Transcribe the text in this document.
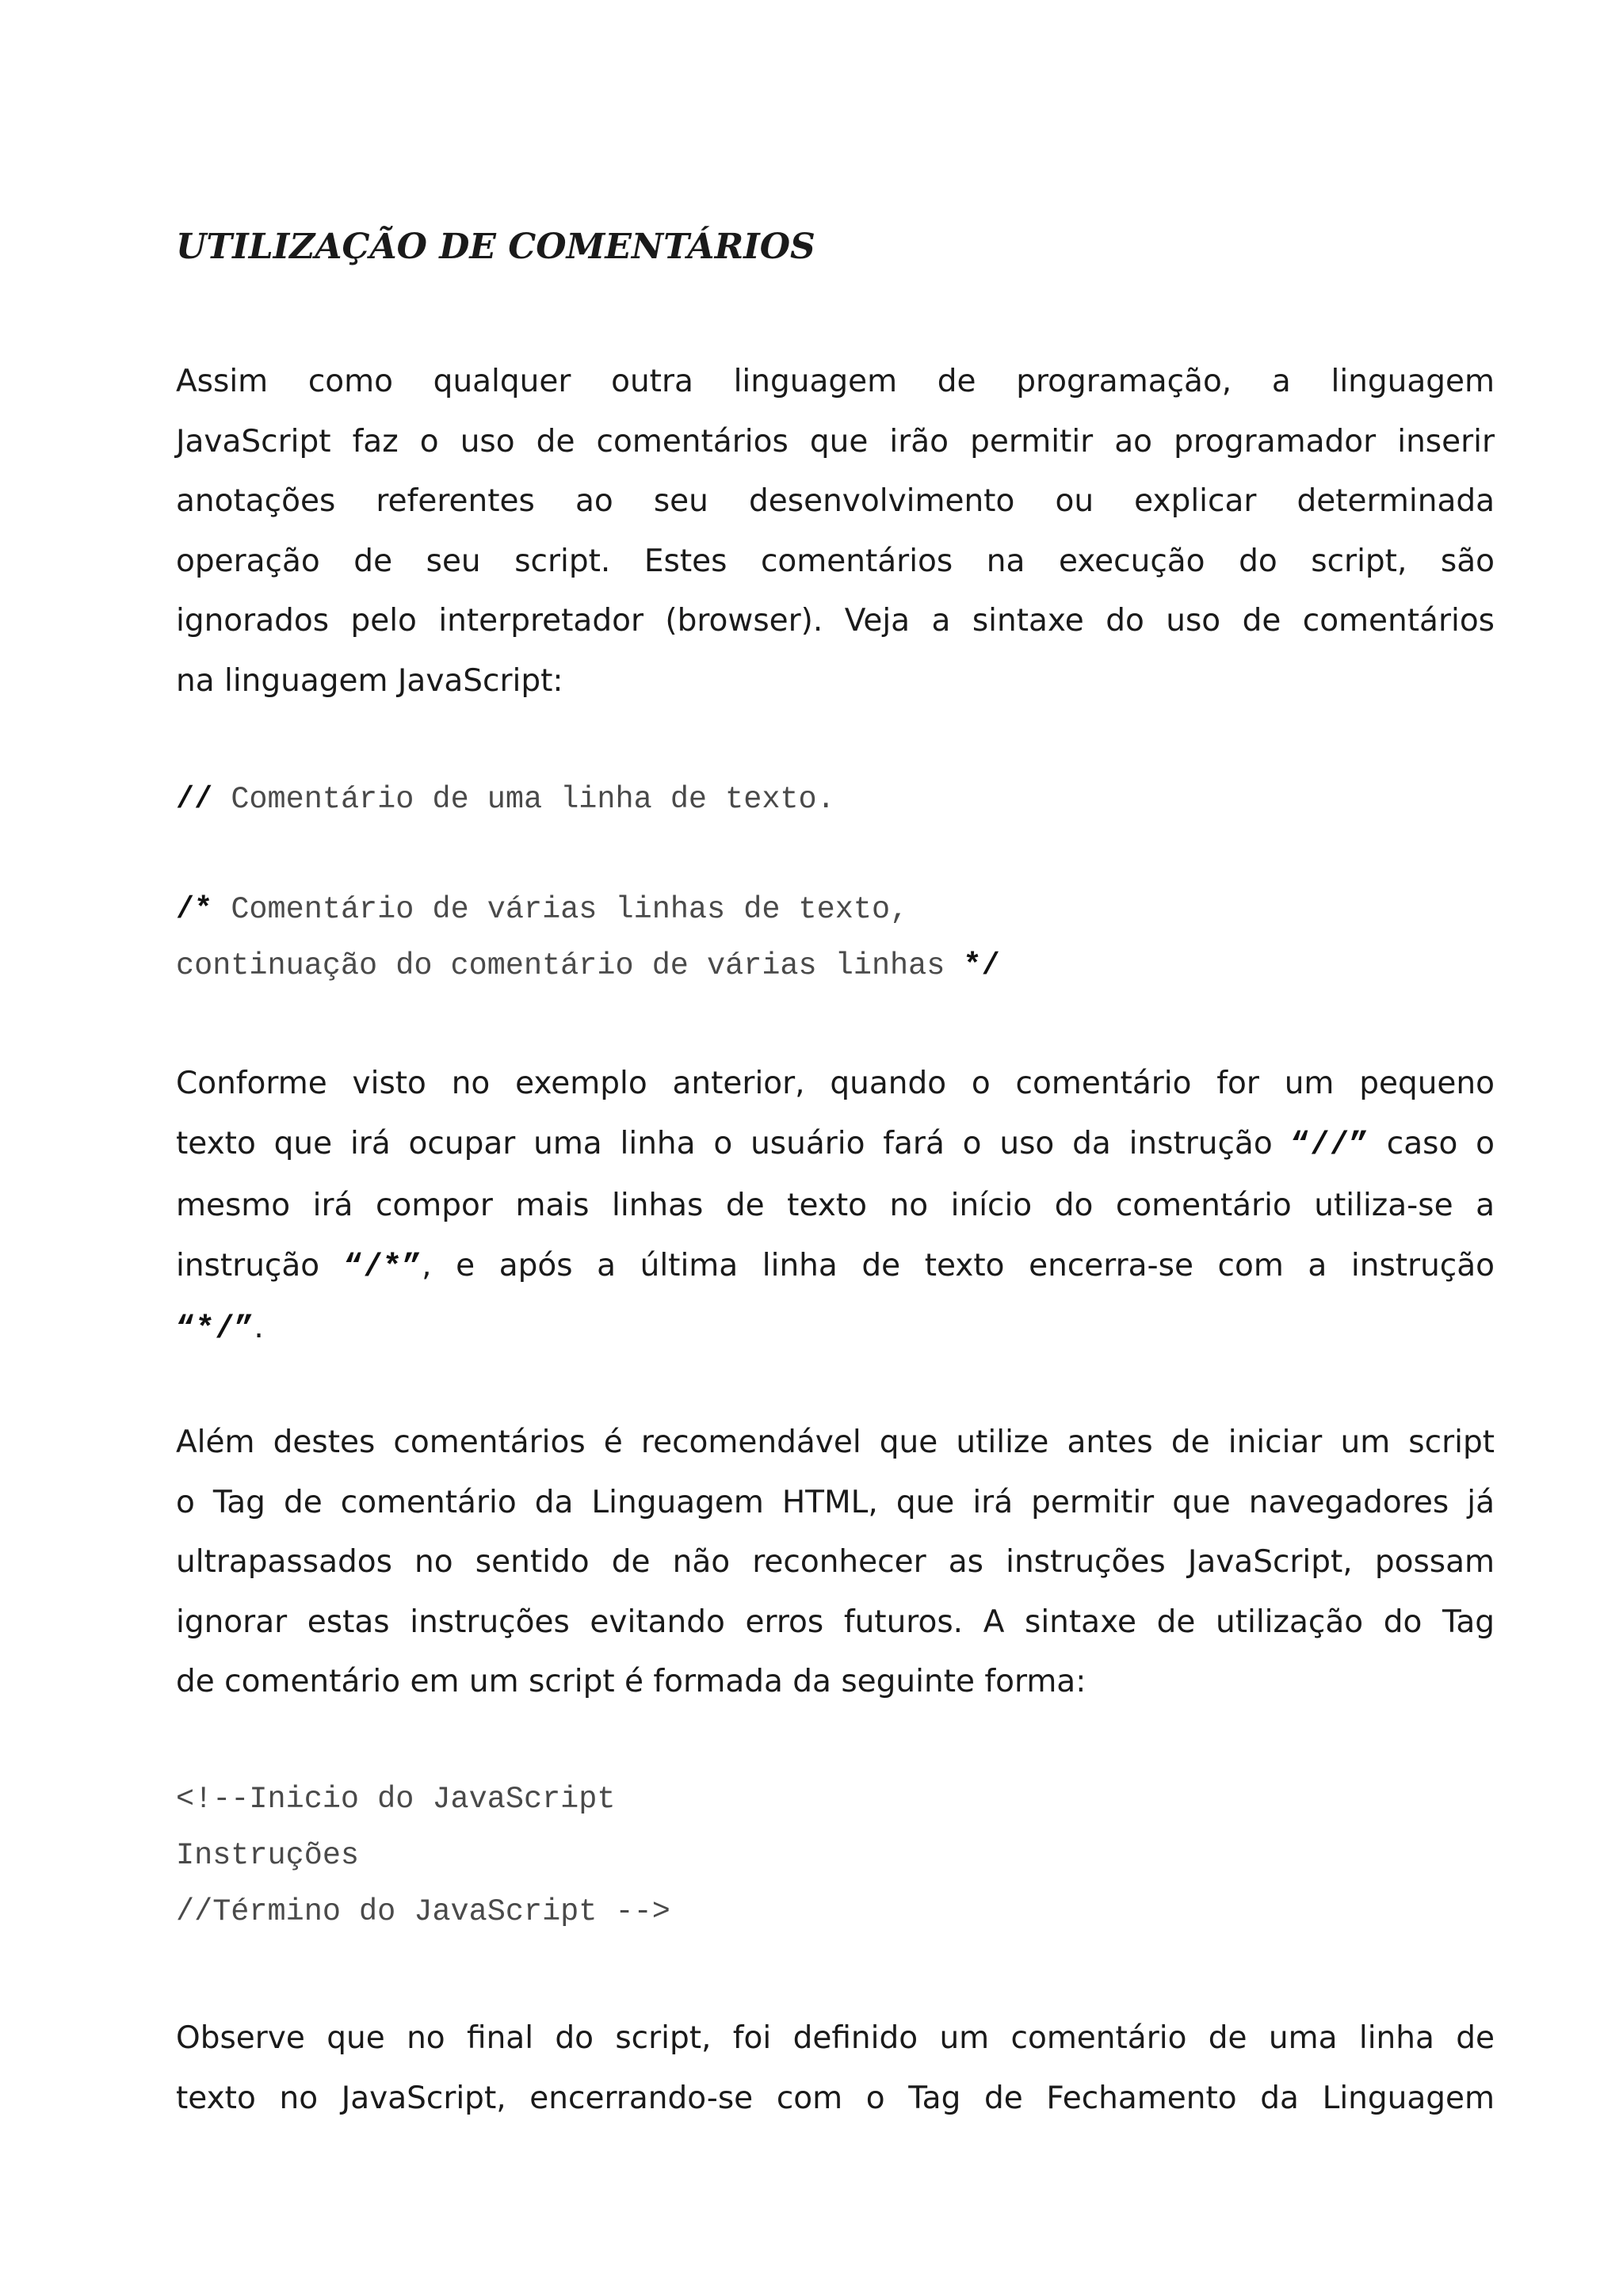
UTILIZAÇÃO DE COMENTÁRIOS

Assim como qualquer outra linguagem de programação, a linguagem
JavaScript faz o uso de comentários que irão permitir ao programador inserir
anotações referentes ao seu desenvolvimento ou explicar determinada
operação de seu script. Estes comentários na execução do script, são
ignorados pelo interpretador (browser). Veja a sintaxe do uso de comentários
na linguagem JavaScript:

// Comentário de uma linha de texto.
/* Comentário de várias linhas de texto,
continuação do comentário de várias linhas */

Conforme visto no exemplo anterior, quando o comentário for um pequeno
texto que irá ocupar uma linha o usuário fará o uso da instrução “//” caso o
mesmo irá compor mais linhas de texto no início do comentário utiliza-se a
instrução “/*”, e após a última linha de texto encerra-se com a instrução
“*/”.

Além destes comentários é recomendável que utilize antes de iniciar um script
o Tag de comentário da Linguagem HTML, que irá permitir que navegadores já
ultrapassados no sentido de não reconhecer as instruções JavaScript, possam
ignorar estas instruções evitando erros futuros. A sintaxe de utilização do Tag
de comentário em um script é formada da seguinte forma:

<!--Inicio do JavaScript
Instruções
//Término do JavaScript -->

Observe que no final do script, foi definido um comentário de uma linha de
texto no JavaScript, encerrando-se com o Tag de Fechamento da Linguagem
